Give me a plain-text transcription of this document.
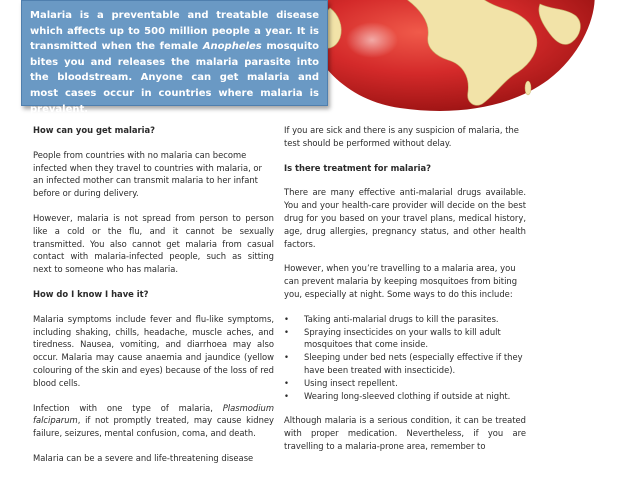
Malaria is a preventable and treatable disease which affects up to 500 million people a year. It is transmitted when the female Anopheles mosquito bites you and releases the malaria parasite into the bloodstream. Anyone can get malaria and most cases occur in countries where malaria is prevalent.

How can you get malaria?
People from countries with no malaria can become infected when they travel to countries with malaria, or an infected mother can transmit malaria to her infant before or during delivery.
However, malaria is not spread from person to person like a cold or the flu, and it cannot be sexually transmitted. You also cannot get malaria from casual contact with malaria-infected people, such as sitting next to someone who has malaria.
How do I know I have it?
Malaria symptoms include fever and flu-like symptoms, including shaking, chills, headache, muscle aches, and tiredness. Nausea, vomiting, and diarrhoea may also occur. Malaria may cause anaemia and jaundice (yellow colouring of the skin and eyes) because of the loss of red blood cells.
Infection with one type of malaria, Plasmodium falciparum, if not promptly treated, may cause kidney failure, seizures, mental confusion, coma, and death.
Malaria can be a severe and life-threatening disease
If you are sick and there is any suspicion of malaria, the test should be performed without delay.
Is there treatment for malaria?
There are many effective anti-malarial drugs available. You and your health-care provider will decide on the best drug for you based on your travel plans, medical history, age, drug allergies, pregnancy status, and other health factors.
However, when you’re travelling to a malaria area, you can prevent malaria by keeping mosquitoes from biting you, especially at night. Some ways to do this include:
• Taking anti-malarial drugs to kill the parasites.
• Spraying insecticides on your walls to kill adult mosquitoes that come inside.
• Sleeping under bed nets (especially effective if they have been treated with insecticide).
• Using insect repellent.
• Wearing long-sleeved clothing if outside at night.
Although malaria is a serious condition, it can be treated with proper medication. Nevertheless, if you are travelling to a malaria-prone area, remember to
